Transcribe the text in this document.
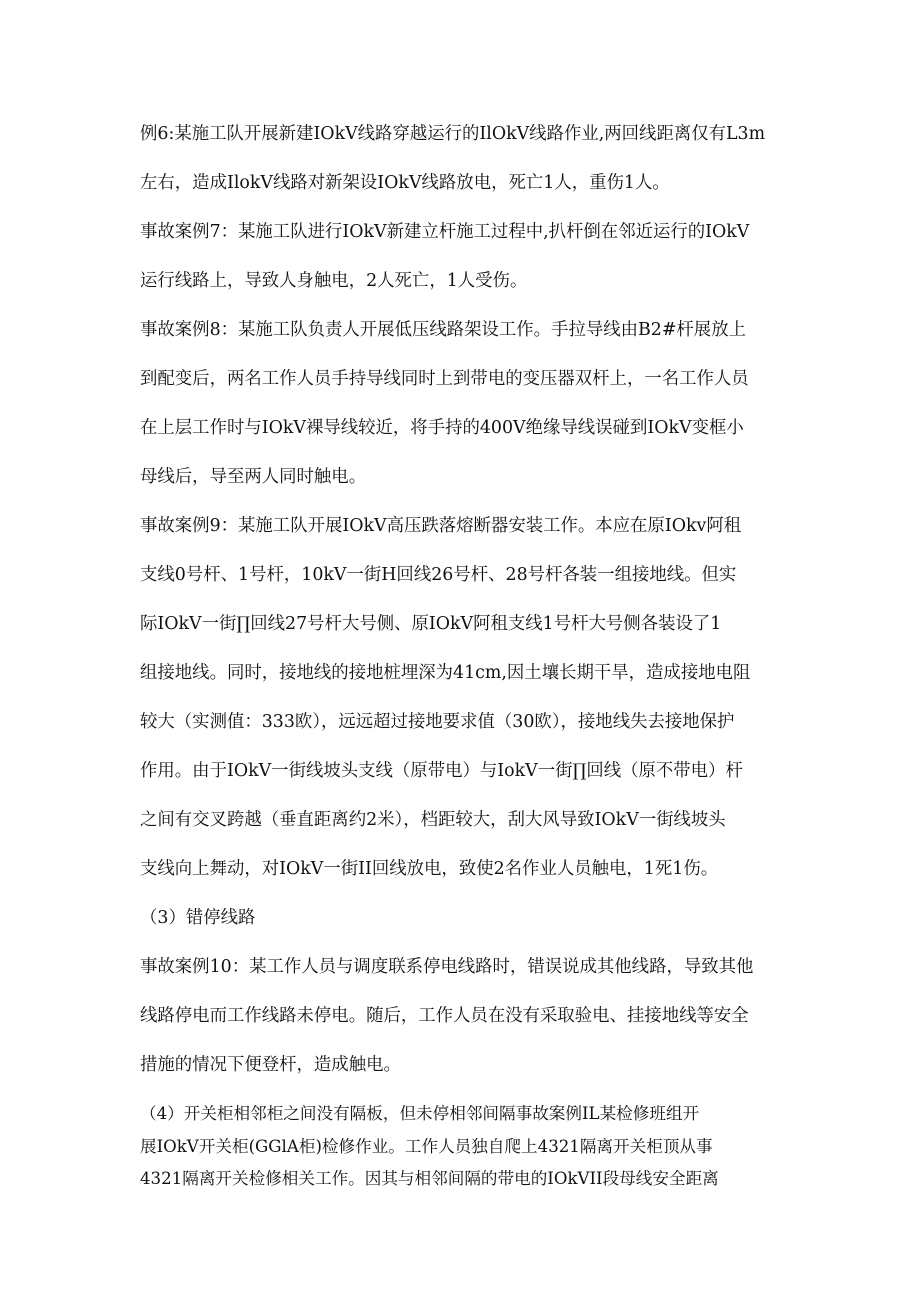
例6:某施工队开展新建IOkV线路穿越运行的IlOkV线路作业,两回线距离仅有L3m
左右，造成IlokV线路对新架设IOkV线路放电，死亡1人，重伤1人。
事故案例7：某施工队进行IOkV新建立杆施工过程中,扒杆倒在邻近运行的IOkV
运行线路上，导致人身触电，2人死亡，1人受伤。
事故案例8：某施工队负责人开展低压线路架设工作。手拉导线由B2#杆展放上
到配变后，两名工作人员手持导线同时上到带电的变压器双杆上，一名工作人员
在上层工作时与IOkV裸导线较近，将手持的400V绝缘导线误碰到IOkV变框小
母线后，导至两人同时触电。
事故案例9：某施工队开展IOkV高压跌落熔断器安装工作。本应在原IOkv阿租
支线0号杆、1号杆，10kV一街H回线26号杆、28号杆各装一组接地线。但实
际IOkV一街∏回线27号杆大号侧、原IOkV阿租支线1号杆大号侧各装设了1
组接地线。同时，接地线的接地桩埋深为41cm,因土壤长期干旱，造成接地电阻
较大（实测值：333欧），远远超过接地要求值（30欧），接地线失去接地保护
作用。由于IOkV一街线坡头支线（原带电）与IokV一街∏回线（原不带电）杆
之间有交叉跨越（垂直距离约2米），档距较大，刮大风导致IOkV一街线坡头
支线向上舞动，对IOkV一街II回线放电，致使2名作业人员触电，1死1伤。
（3）错停线路
事故案例10：某工作人员与调度联系停电线路时，错误说成其他线路，导致其他
线路停电而工作线路未停电。随后，工作人员在没有采取验电、挂接地线等安全
措施的情况下便登杆，造成触电。
（4）开关柜相邻柜之间没有隔板，但未停相邻间隔事故案例IL某检修班组开
展IOkV开关柜(GGlA柜)检修作业。工作人员独自爬上4321隔离开关柜顶从事
4321隔离开关检修相关工作。因其与相邻间隔的带电的IOkVII段母线安全距离
